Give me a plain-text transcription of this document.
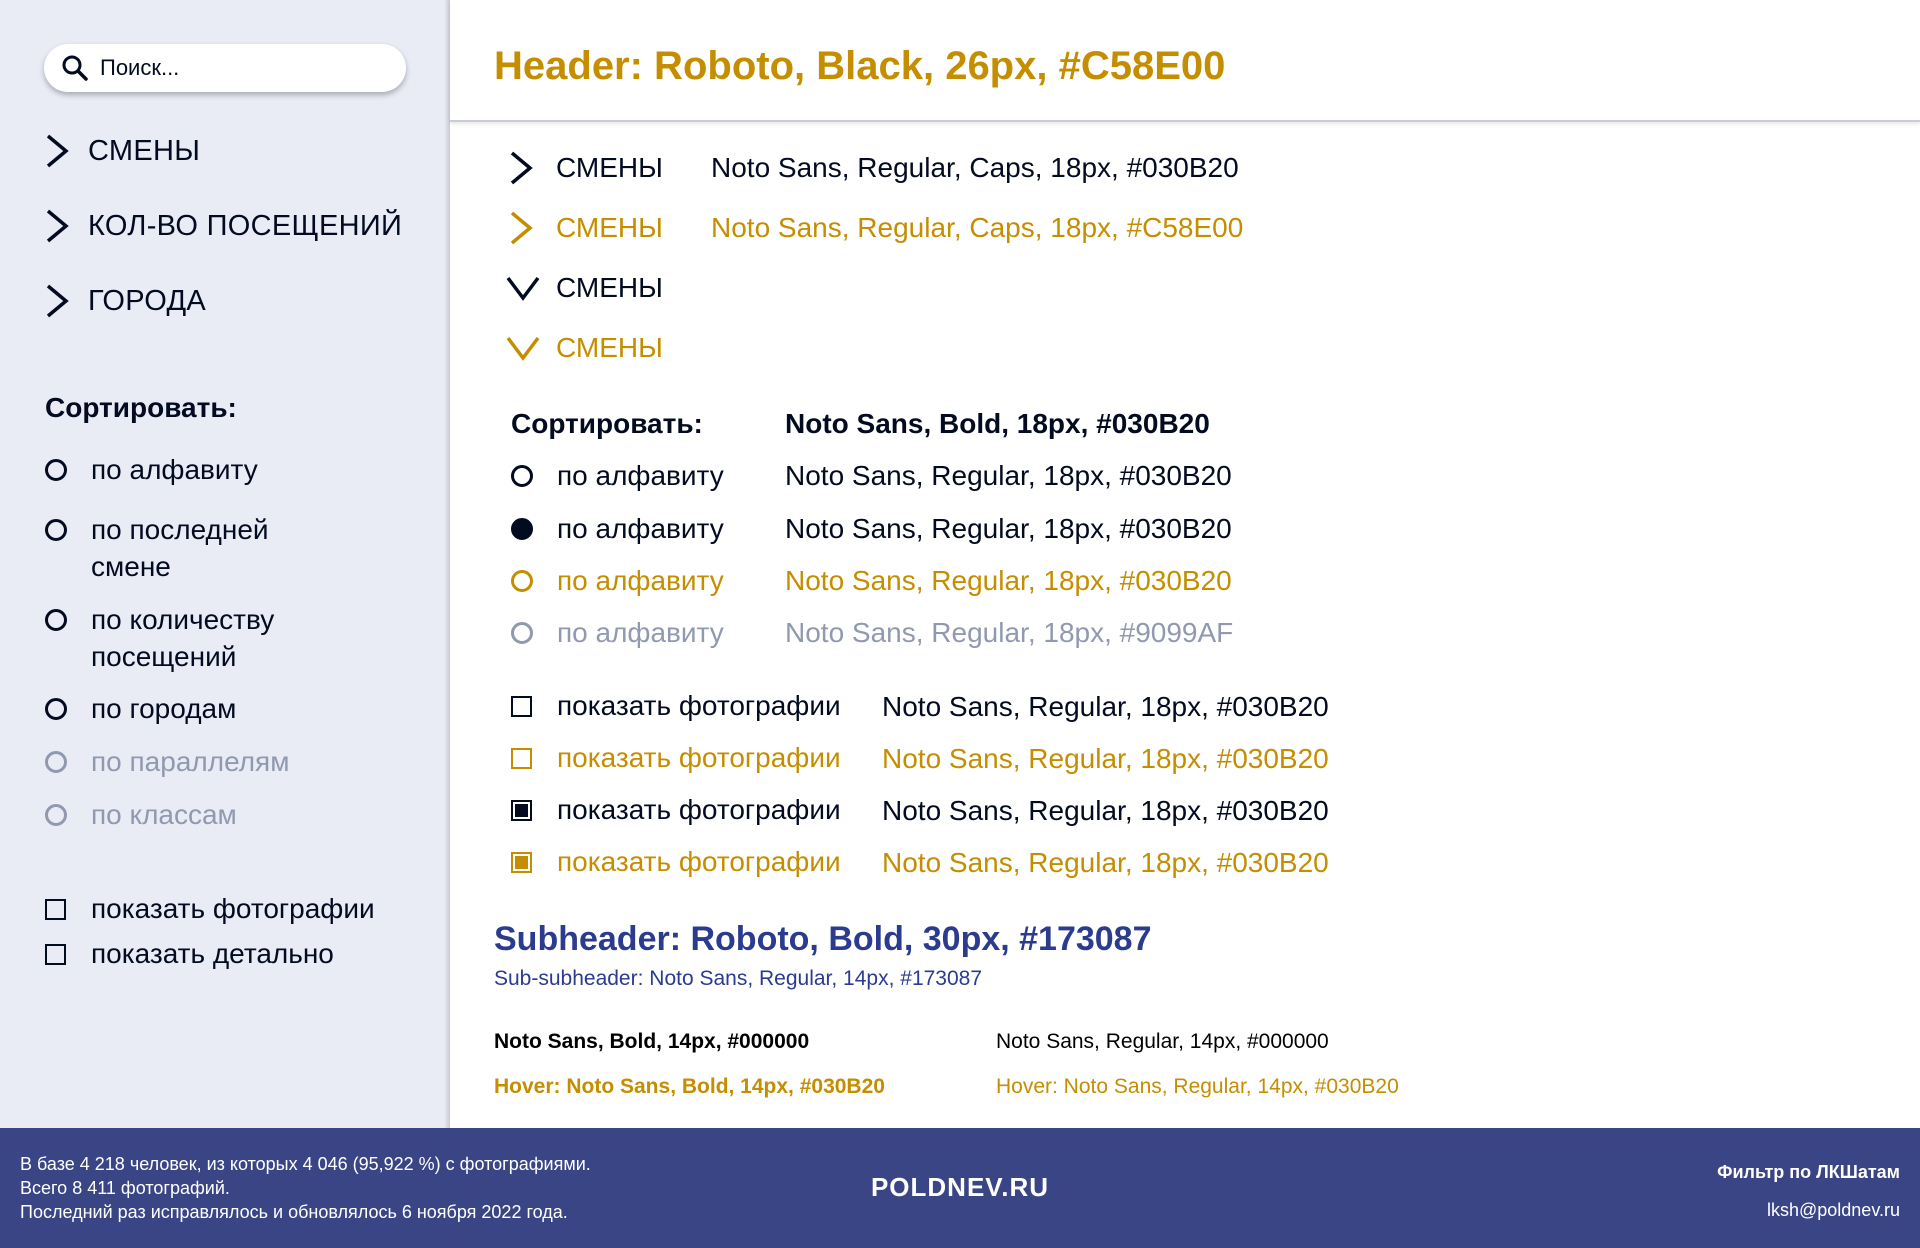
Поиск...
СМЕНЫ
КОЛ-ВО ПОСЕЩЕНИЙ
ГОРОДА
Сортировать:
по алфавиту
по последней смене
по количеству посещений
по городам
по параллелям
по классам
показать фотографии
показать детально
Header: Roboto, Black, 26px, #C58E00
СМЕНЫ Noto Sans, Regular, Caps, 18px, #030B20
СМЕНЫ Noto Sans, Regular, Caps, 18px, #C58E00
СМЕНЫ
СМЕНЫ
Сортировать:	Noto Sans, Bold, 18px, #030B20
по алфавиту Noto Sans, Regular, 18px, #030B20
по алфавиту Noto Sans, Regular, 18px, #030B20
по алфавиту Noto Sans, Regular, 18px, #030B20
по алфавиту Noto Sans, Regular, 18px, #9099AF
показать фотографии Noto Sans, Regular, 18px, #030B20
показать фотографии Noto Sans, Regular, 18px, #030B20
показать фотографии Noto Sans, Regular, 18px, #030B20
показать фотографии Noto Sans, Regular, 18px, #030B20
Subheader: Roboto, Bold, 30px, #173087
Sub-subheader: Noto Sans, Regular, 14px, #173087
Noto Sans, Bold, 14px, #000000	Noto Sans, Regular, 14px, #000000
Hover: Noto Sans, Bold, 14px, #030B20	Hover: Noto Sans, Regular, 14px, #030B20
В базе 4 218 человек, из которых 4 046 (95,922 %) с фотографиями.
Всего 8 411 фотографий.
Последний раз исправлялось и обновлялось 6 ноября 2022 года.
POLDNEV.RU	Фильтр по ЛКШатам
lksh@poldnev.ru
